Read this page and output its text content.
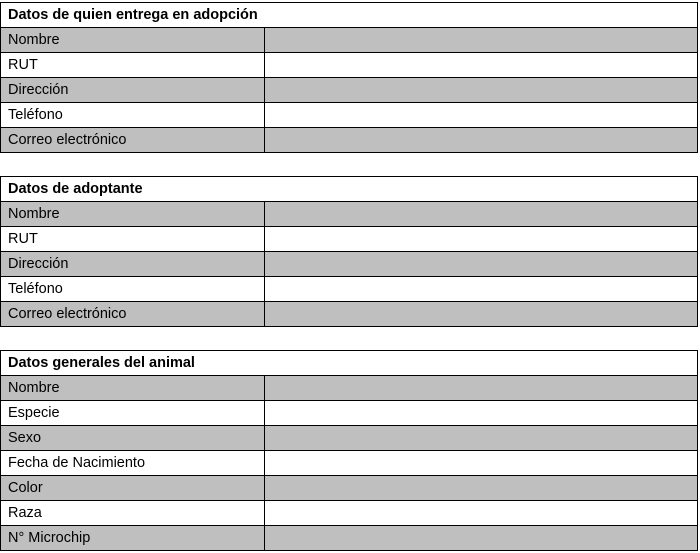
Datos de quien entrega en adopción	
Nombre	
RUT	
Dirección	
Teléfono	
Correo electrónico	
Datos de adoptante	
Nombre	
RUT	
Dirección	
Teléfono	
Correo electrónico	
Datos generales del animal	
Nombre	
Especie	
Sexo	
Fecha de Nacimiento	
Color	
Raza	
N° Microchip	
